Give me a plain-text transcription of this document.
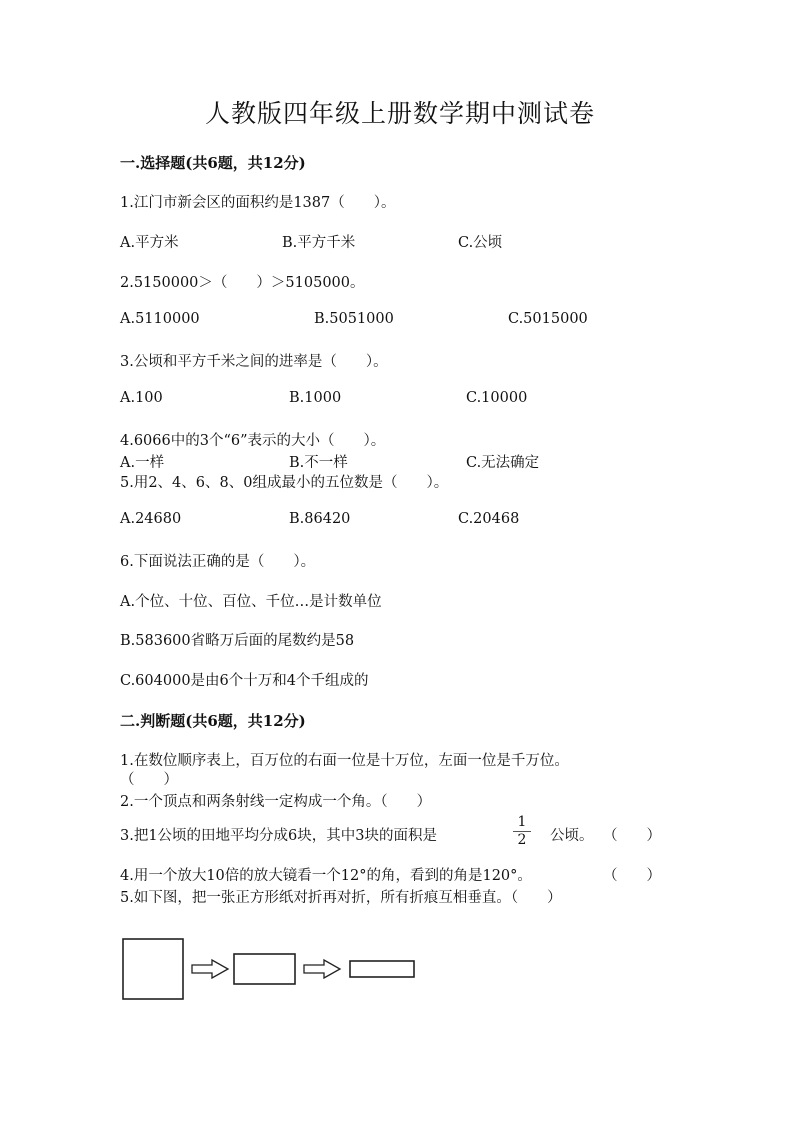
人教版四年级上册数学期中测试卷
一.选择题(共6题，共12分)
1.江门市新会区的面积约是1387（　　）。
A.平方米	B.平方千米	C.公顷
2.5150000＞（　　）＞5105000。
A.5110000	B.5051000	C.5015000
3.公顷和平方千米之间的进率是（　　）。
A.100	B.1000	C.10000
4.6066中的3个“6”表示的大小（　　）。
A.一样	B.不一样	C.无法确定
5.用2、4、6、8、0组成最小的五位数是（　　）。
A.24680	B.86420	C.20468
6.下面说法正确的是（　　）。
A.个位、十位、百位、千位…是计数单位
B.583600省略万后面的尾数约是58
C.604000是由6个十万和4个千组成的
二.判断题(共6题，共12分)
1.在数位顺序表上，百万位的右面一位是十万位，左面一位是千万位。
（　　）
2.一个顶点和两条射线一定构成一个角。（　　）
3.把1公顷的田地平均分成6块，其中3块的面积是	$\frac{1}{2}$ 公顷。 （　　）
4.用一个放大10倍的放大镜看一个12°的角，看到的角是120°。	（　　）
5.如下图，把一张正方形纸对折再对折，所有折痕互相垂直。（　　）
